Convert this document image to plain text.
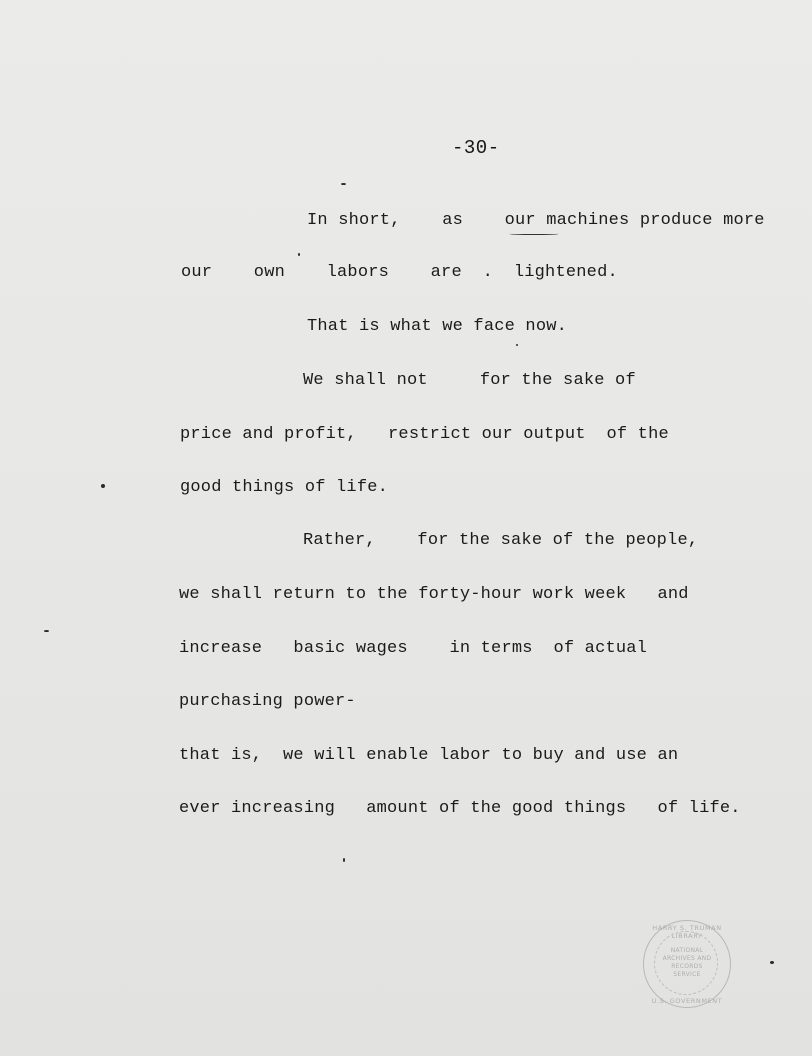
-30-
In short,    as    our machines produce more
our    own    labors    are  .  lightened.
That is what we face now.
We shall not     for the sake of
price and profit,   restrict our output  of the
good things of life.
Rather,    for the sake of the people,
we shall return to the forty-hour work week   and
increase   basic wages    in terms  of actual
purchasing power-
that is,  we will enable labor to buy and use an
ever increasing   amount of the good things   of life.
HARRY S. TRUMAN LIBRARY
NATIONAL
ARCHIVES AND
RECORDS
SERVICE
U.S. GOVERNMENT
